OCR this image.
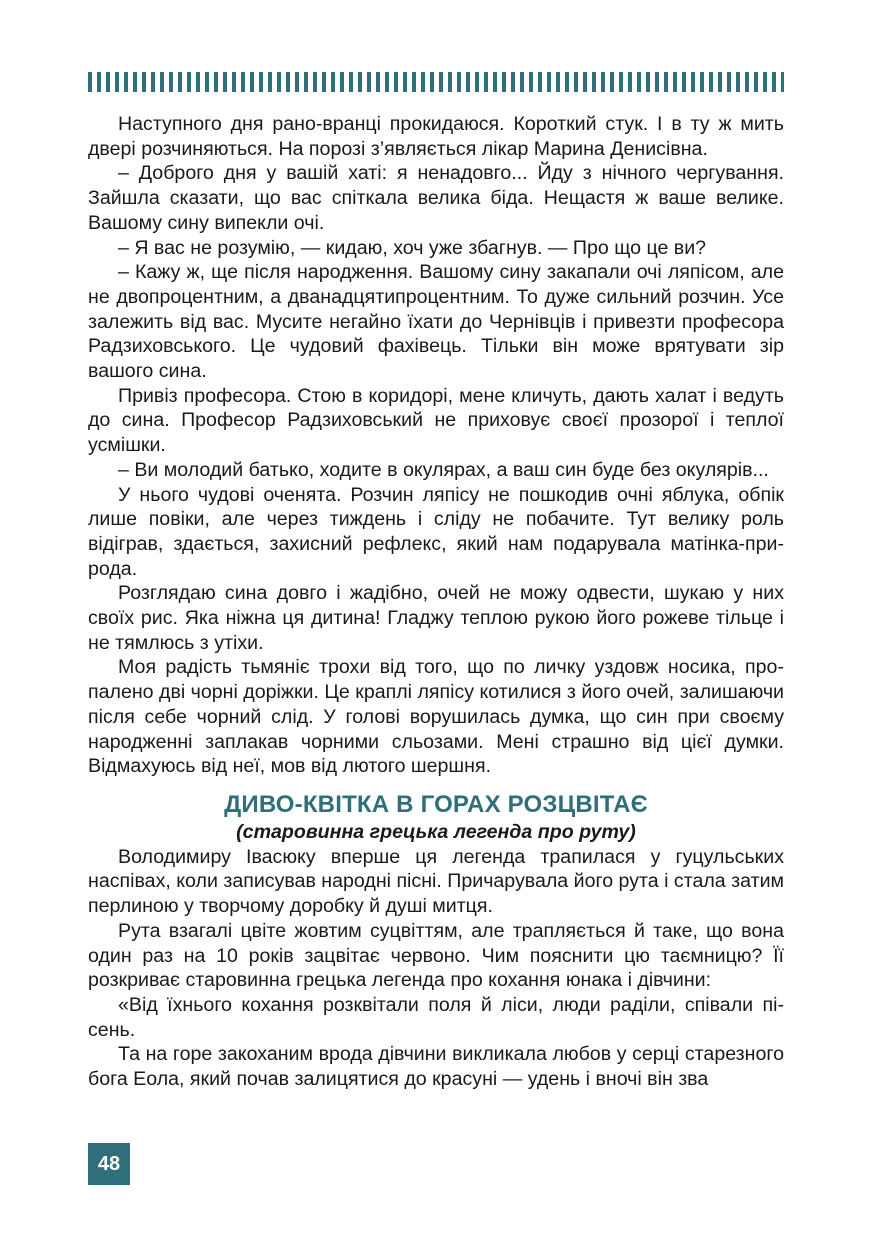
Наступного дня рано-вранці прокидаюся. Короткий стук. І в ту ж мить двері розчиняються. На порозі з’являється лікар Марина Денисівна.

– Доброго дня у вашій хаті: я ненадовго... Йду з нічного чергування. Зайшла сказати, що вас спіткала велика біда. Нещастя ж ваше велике. Вашому сину випекли очі.

– Я вас не розумію, — кидаю, хоч уже збагнув. — Про що це ви?

– Кажу ж, ще після народження. Вашому сину закапали очі ляпісом, але не двопроцентним, а дванадцятипроцентним. То дуже сильний розчин. Усе залежить від вас. Мусите негайно їхати до Чернівців і привезти професора Радзиховського. Це чудовий фахівець. Тільки він може врятувати зір вашого сина.

Привіз професора. Стою в коридорі, мене кличуть, дають халат і ведуть до сина. Професор Радзиховський не приховує своєї прозорої і теплої усмішки.

– Ви молодий батько, ходите в окулярах, а ваш син буде без окулярів...

У нього чудові оченята. Розчин ляпісу не пошкодив очні яблука, обпік лише повіки, але через тиждень і сліду не побачите. Тут велику роль відіграв, здається, захисний рефлекс, який нам подарувала матінка-природа.

Розглядаю сина довго і жадібно, очей не можу одвести, шукаю у них своїх рис. Яка ніжна ця дитина! Гладжу теплою рукою його рожеве тільце і не тямлюсь з утіхи.

Моя радість тьмяніє трохи від того, що по личку уздовж носика, пропалено дві чорні доріжки. Це краплі ляпісу котилися з його очей, залишаючи після себе чорний слід. У голові ворушилась думка, що син при своєму народженні заплакав чорними сльозами. Мені страшно від цієї думки. Відмахуюсь від неї, мов від лютого шершня.

ДИВО-КВІТКА В ГОРАХ РОЗЦВІТАЄ
(старовинна грецька легенда про руту)

Володимиру Івасюку вперше ця легенда трапилася у гуцульських наспівах, коли записував народні пісні. Причарувала його рута і стала затим перлиною у творчому доробку й душі митця.

Рута взагалі цвіте жовтим суцвіттям, але трапляється й таке, що вона один раз на 10 років зацвітає червоно. Чим пояснити цю таємницю? Її розкриває старовинна грецька легенда про кохання юнака і дівчини:

«Від їхнього кохання розквітали поля й ліси, люди раділи, співали пісень.

Та на горе закоханим врода дівчини викликала любов у серці старезного бога Еола, який почав залицятися до красуні — удень і вночі він зва

48
